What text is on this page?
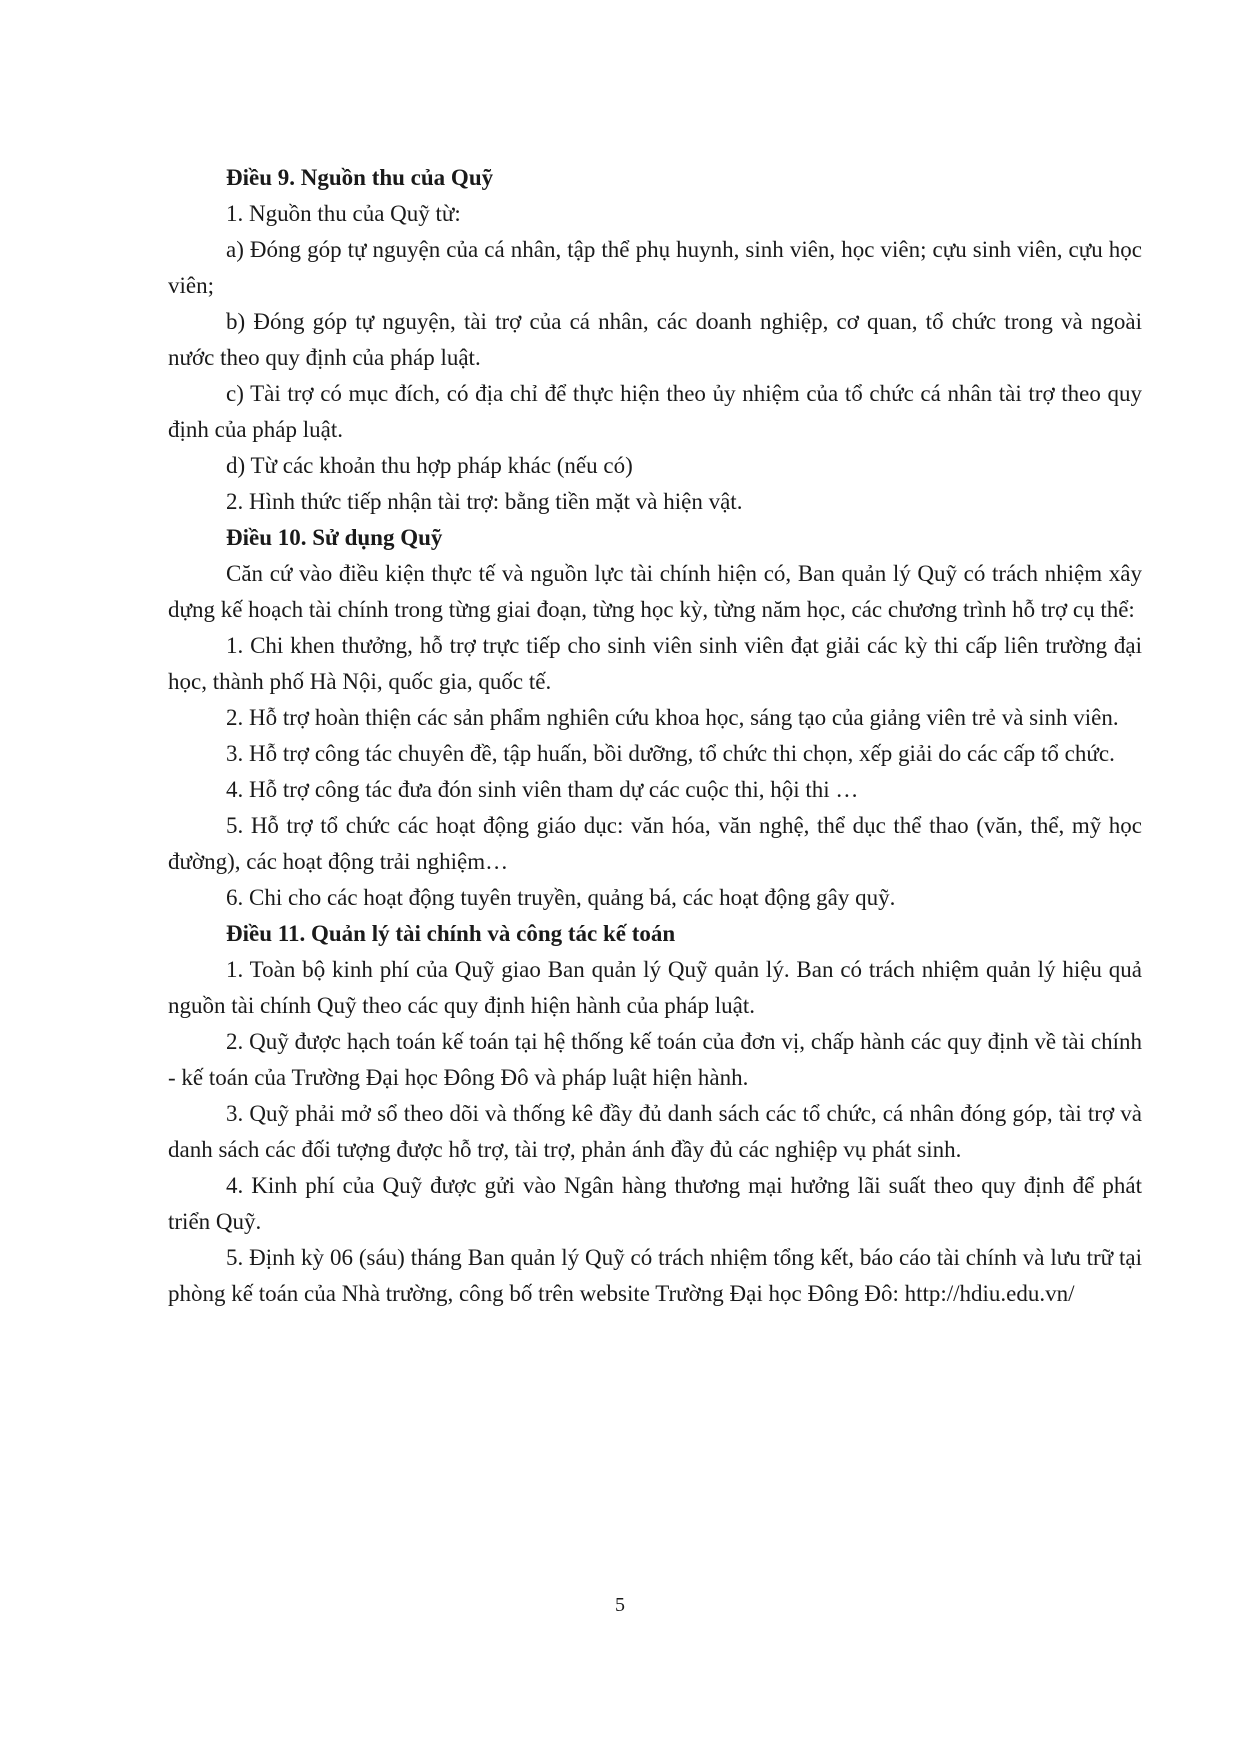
Điều 9. Nguồn thu của Quỹ

1. Nguồn thu của Quỹ từ:

a) Đóng góp tự nguyện của cá nhân, tập thể phụ huynh, sinh viên, học viên; cựu sinh viên, cựu học viên;

b) Đóng góp tự nguyện, tài trợ của cá nhân, các doanh nghiệp, cơ quan, tổ chức trong và ngoài nước theo quy định của pháp luật.

c) Tài trợ có mục đích, có địa chỉ để thực hiện theo ủy nhiệm của tổ chức cá nhân tài trợ theo quy định của pháp luật.

d) Từ các khoản thu hợp pháp khác (nếu có)

2. Hình thức tiếp nhận tài trợ: bằng tiền mặt và hiện vật.

Điều 10. Sử dụng Quỹ

Căn cứ vào điều kiện thực tế và nguồn lực tài chính hiện có, Ban quản lý Quỹ có trách nhiệm xây dựng kế hoạch tài chính trong từng giai đoạn, từng học kỳ, từng năm học, các chương trình hỗ trợ cụ thể:

1. Chi khen thưởng, hỗ trợ trực tiếp cho sinh viên sinh viên đạt giải các kỳ thi cấp liên trường đại học, thành phố Hà Nội, quốc gia, quốc tế.

2. Hỗ trợ hoàn thiện các sản phẩm nghiên cứu khoa học, sáng tạo của giảng viên trẻ và sinh viên.

3. Hỗ trợ công tác chuyên đề, tập huấn, bồi dưỡng, tổ chức thi chọn, xếp giải do các cấp tổ chức.

4. Hỗ trợ công tác đưa đón sinh viên tham dự các cuộc thi, hội thi …

5. Hỗ trợ tổ chức các hoạt động giáo dục: văn hóa, văn nghệ, thể dục thể thao (văn, thể, mỹ học đường), các hoạt động trải nghiệm…

6. Chi cho các hoạt động tuyên truyền, quảng bá, các hoạt động gây quỹ.

Điều 11. Quản lý tài chính và công tác kế toán

1. Toàn bộ kinh phí của Quỹ giao Ban quản lý Quỹ quản lý. Ban có trách nhiệm quản lý hiệu quả nguồn tài chính Quỹ theo các quy định hiện hành của pháp luật.

2. Quỹ được hạch toán kế toán tại hệ thống kế toán của đơn vị, chấp hành các quy định về tài chính - kế toán của Trường Đại học Đông Đô và pháp luật hiện hành.

3. Quỹ phải mở sổ theo dõi và thống kê đầy đủ danh sách các tổ chức, cá nhân đóng góp, tài trợ và danh sách các đối tượng được hỗ trợ, tài trợ, phản ánh đầy đủ các nghiệp vụ phát sinh.

4. Kinh phí của Quỹ được gửi vào Ngân hàng thương mại hưởng lãi suất theo quy định để phát triển Quỹ.

5. Định kỳ 06 (sáu) tháng Ban quản lý Quỹ có trách nhiệm tổng kết, báo cáo tài chính và lưu trữ tại phòng kế toán của Nhà trường, công bố trên website Trường Đại học Đông Đô: http://hdiu.edu.vn/

5
